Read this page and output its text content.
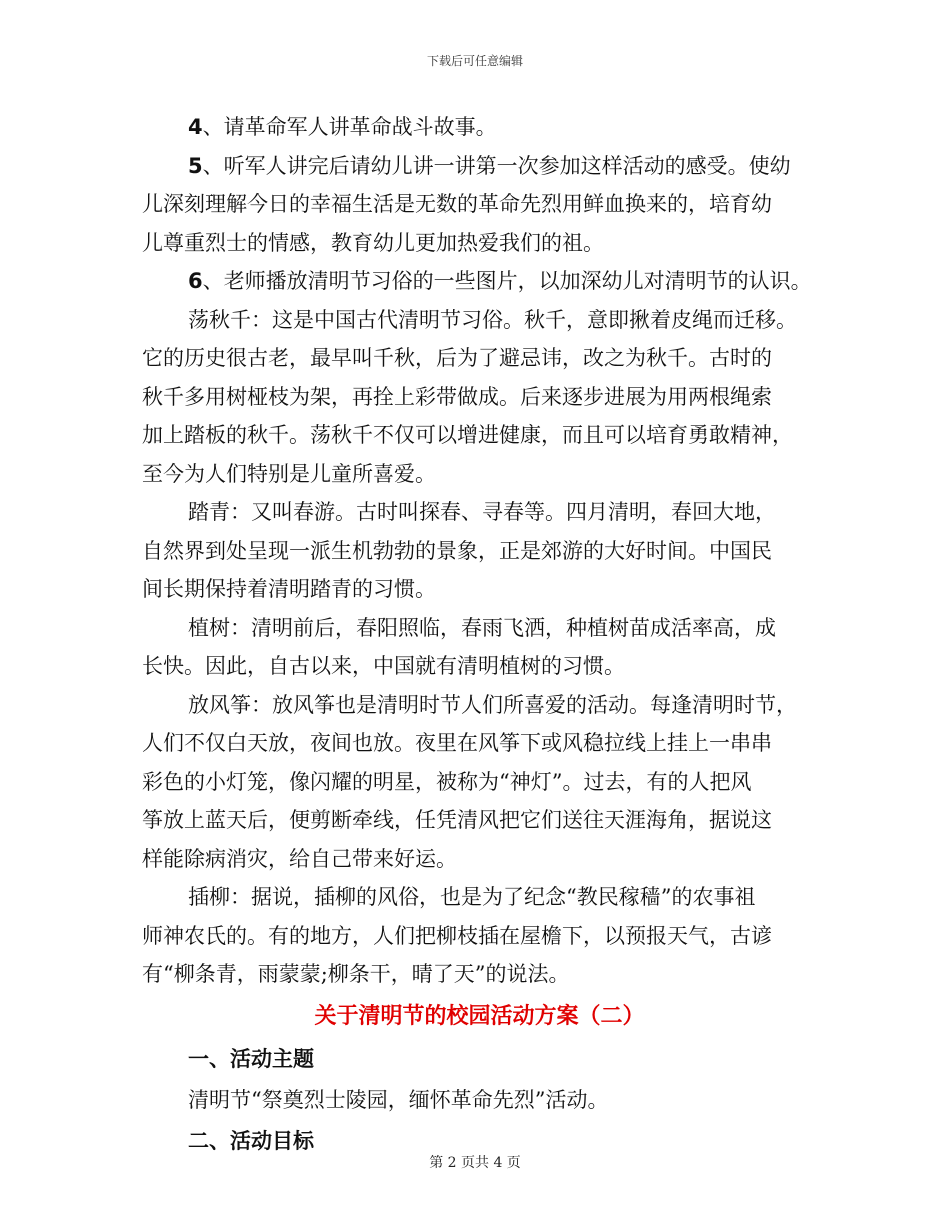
下载后可任意编辑

4、请革命军人讲革命战斗故事。

5、听军人讲完后请幼儿讲一讲第一次参加这样活动的感受。使幼

儿深刻理解今日的幸福生活是无数的革命先烈用鲜血换来的，培育幼

儿尊重烈士的情感，教育幼儿更加热爱我们的祖。

6、老师播放清明节习俗的一些图片，以加深幼儿对清明节的认识。

荡秋千：这是中国古代清明节习俗。秋千，意即揪着皮绳而迁移。

它的历史很古老，最早叫千秋，后为了避忌讳，改之为秋千。古时的

秋千多用树桠枝为架，再拴上彩带做成。后来逐步进展为用两根绳索

加上踏板的秋千。荡秋千不仅可以增进健康，而且可以培育勇敢精神，

至今为人们特别是儿童所喜爱。

踏青：又叫春游。古时叫探春、寻春等。四月清明，春回大地，

自然界到处呈现一派生机勃勃的景象，正是郊游的大好时间。中国民

间长期保持着清明踏青的习惯。

植树：清明前后，春阳照临，春雨飞洒，种植树苗成活率高，成

长快。因此，自古以来，中国就有清明植树的习惯。

放风筝：放风筝也是清明时节人们所喜爱的活动。每逢清明时节，

人们不仅白天放，夜间也放。夜里在风筝下或风稳拉线上挂上一串串

彩色的小灯笼，像闪耀的明星，被称为“神灯”。过去，有的人把风

筝放上蓝天后，便剪断牵线，任凭清风把它们送往天涯海角，据说这

样能除病消灾，给自己带来好运。

插柳：据说，插柳的风俗，也是为了纪念“教民稼穑”的农事祖

师神农氏的。有的地方，人们把柳枝插在屋檐下，以预报天气，古谚

有“柳条青，雨蒙蒙;柳条干，晴了天”的说法。

关于清明节的校园活动方案（二）

一、活动主题

清明节“祭奠烈士陵园，缅怀革命先烈”活动。

二、活动目标

第 2 页共 4 页
